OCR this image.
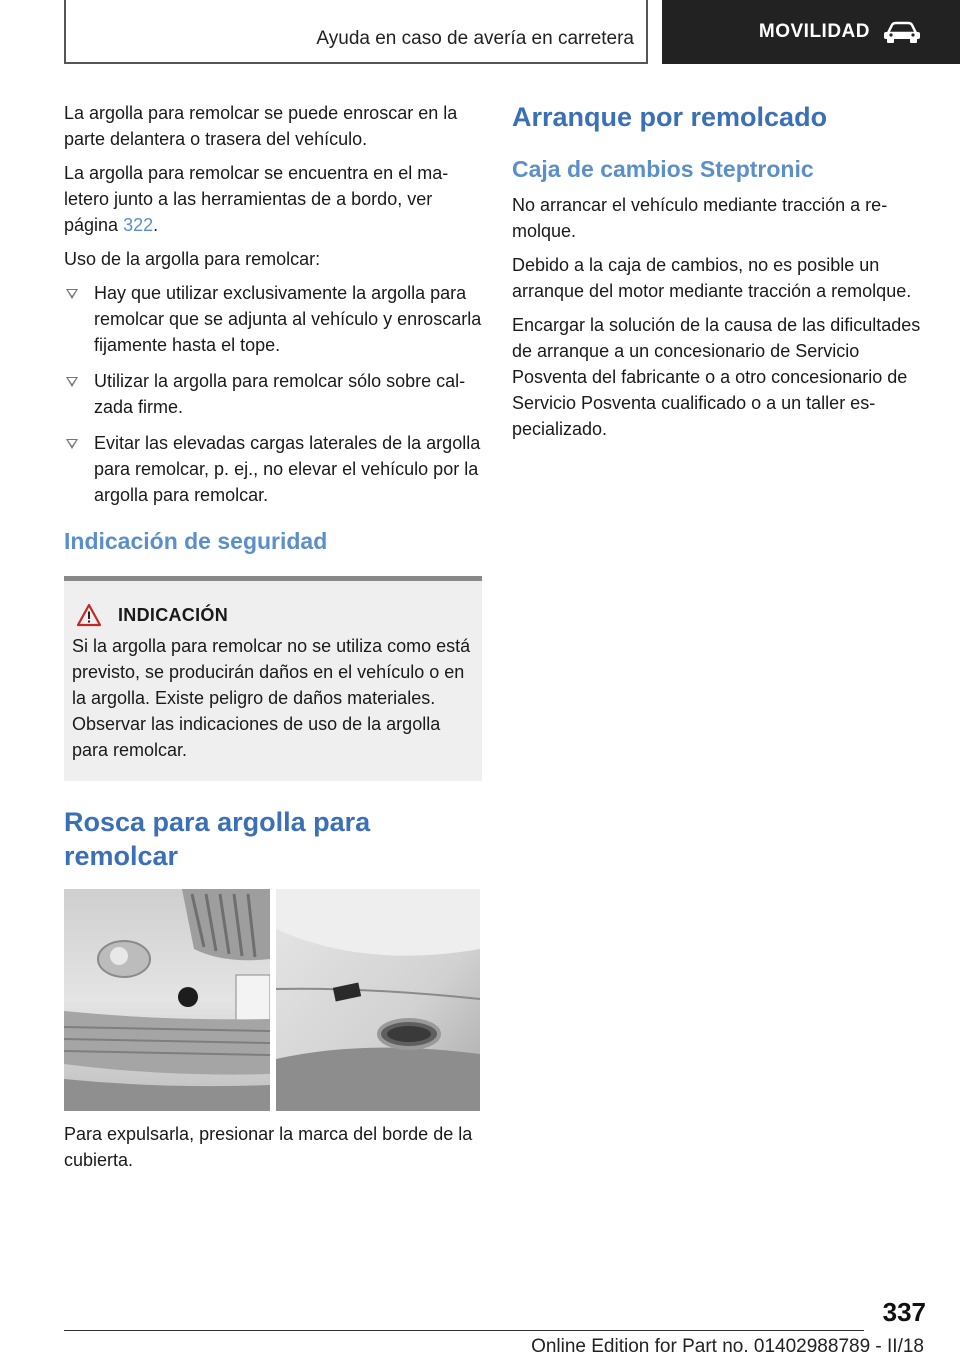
Ayuda en caso de avería en carretera	MOVILIDAD

La argolla para remolcar se puede enroscar en la parte delantera o trasera del vehículo.

La argolla para remolcar se encuentra en el maletero junto a las herramientas de a bordo, ver página 322.

Uso de la argolla para remolcar:

Hay que utilizar exclusivamente la argolla para remolcar que se adjunta al vehículo y enroscarla fijamente hasta el tope.
Utilizar la argolla para remolcar sólo sobre calzada firme.
Evitar las elevadas cargas laterales de la argolla para remolcar, p. ej., no elevar el vehículo por la argolla para remolcar.
Indicación de seguridad
INDICACIÓN

Si la argolla para remolcar no se utiliza como está previsto, se producirán daños en el vehículo o en la argolla. Existe peligro de daños materiales. Observar las indicaciones de uso de la argolla para remolcar.

Rosca para argolla para remolcar

Para expulsarla, presionar la marca del borde de la cubierta.

Arranque por remolcado
Caja de cambios Steptronic

No arrancar el vehículo mediante tracción a remolque.

Debido a la caja de cambios, no es posible un arranque del motor mediante tracción a remolque.

Encargar la solución de la causa de las dificultades de arranque a un concesionario de Servicio Posventa del fabricante o a otro concesionario de Servicio Posventa cualificado o a un taller especializado.

337
Online Edition for Part no. 01402988789 - II/18
